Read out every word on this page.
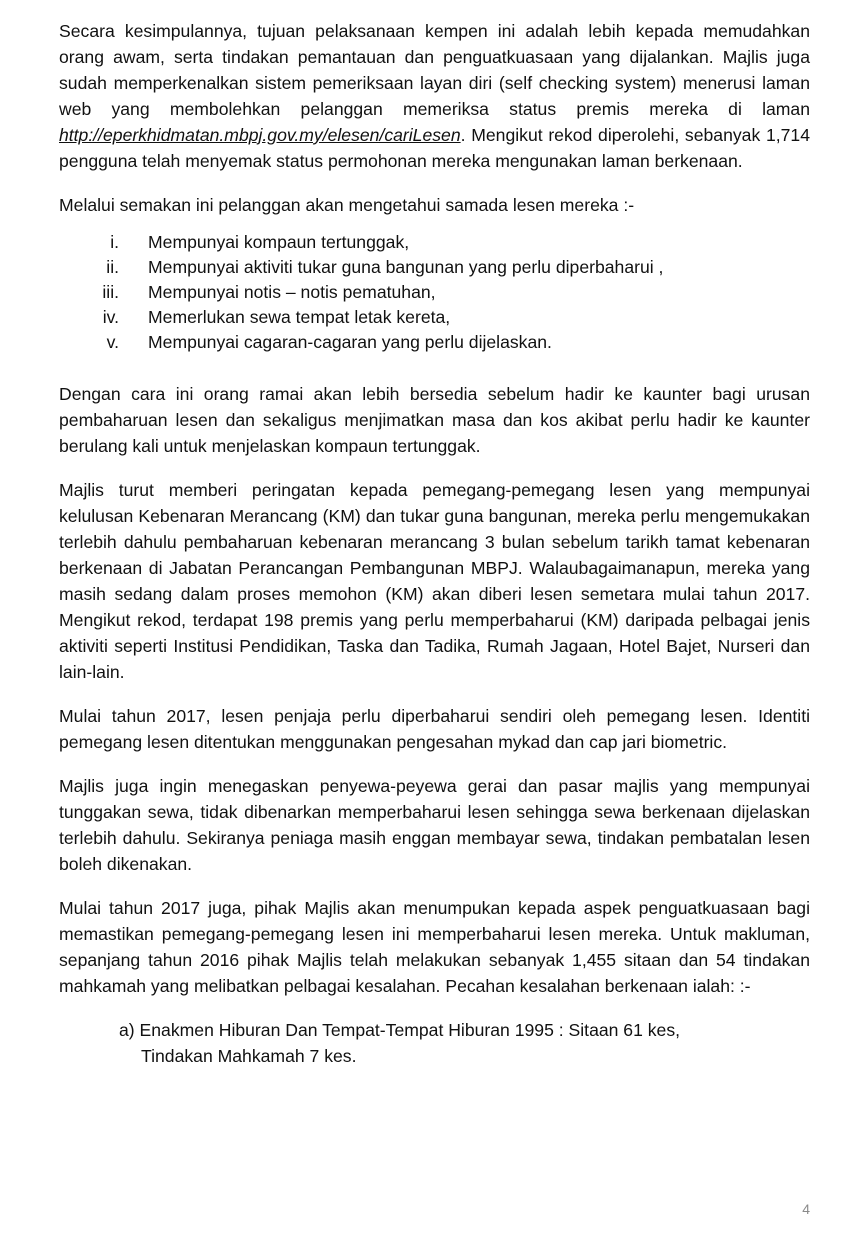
Secara kesimpulannya, tujuan pelaksanaan kempen ini adalah lebih kepada memudahkan orang awam, serta tindakan pemantauan dan penguatkuasaan yang dijalankan. Majlis juga sudah memperkenalkan sistem pemeriksaan layan diri (self checking system) menerusi laman web yang membolehkan pelanggan memeriksa status premis mereka di laman http://eperkhidmatan.mbpj.gov.my/elesen/cariLesen. Mengikut rekod diperolehi, sebanyak 1,714 pengguna telah menyemak status permohonan mereka mengunakan laman berkenaan.

Melalui semakan ini pelanggan akan mengetahui samada lesen mereka :-

i. Mempunyai kompaun tertunggak,
ii. Mempunyai aktiviti tukar guna bangunan yang perlu diperbaharui ,
iii. Mempunyai notis – notis pematuhan,
iv. Memerlukan sewa tempat letak kereta,
v. Mempunyai cagaran-cagaran yang perlu dijelaskan.

Dengan cara ini orang ramai akan lebih bersedia sebelum hadir ke kaunter bagi urusan pembaharuan lesen dan sekaligus menjimatkan masa dan kos akibat perlu hadir ke kaunter berulang kali untuk menjelaskan kompaun tertunggak.

Majlis turut memberi peringatan kepada pemegang-pemegang lesen yang mempunyai kelulusan Kebenaran Merancang (KM) dan tukar guna bangunan, mereka perlu mengemukakan terlebih dahulu pembaharuan kebenaran merancang 3 bulan sebelum tarikh tamat kebenaran berkenaan di Jabatan Perancangan Pembangunan MBPJ. Walaubagaimanapun, mereka yang masih sedang dalam proses memohon (KM) akan diberi lesen semetara mulai tahun 2017. Mengikut rekod, terdapat 198 premis yang perlu memperbaharui (KM) daripada pelbagai jenis aktiviti seperti Institusi Pendidikan, Taska dan Tadika, Rumah Jagaan, Hotel Bajet, Nurseri dan lain-lain.

Mulai tahun 2017, lesen penjaja perlu diperbaharui sendiri oleh pemegang lesen. Identiti pemegang lesen ditentukan menggunakan pengesahan mykad dan cap jari biometric.

Majlis juga ingin menegaskan penyewa-peyewa gerai dan pasar majlis yang mempunyai tunggakan sewa, tidak dibenarkan memperbaharui lesen sehingga sewa berkenaan dijelaskan terlebih dahulu. Sekiranya peniaga masih enggan membayar sewa, tindakan pembatalan lesen boleh dikenakan.

Mulai tahun 2017 juga, pihak Majlis akan menumpukan kepada aspek penguatkuasaan bagi memastikan pemegang-pemegang lesen ini memperbaharui lesen mereka. Untuk makluman, sepanjang tahun 2016 pihak Majlis telah melakukan sebanyak 1,455 sitaan dan 54 tindakan mahkamah yang melibatkan pelbagai kesalahan. Pecahan kesalahan berkenaan ialah: :-

a) Enakmen Hiburan Dan Tempat-Tempat Hiburan 1995 : Sitaan 61 kes,
Tindakan Mahkamah 7 kes.
4
